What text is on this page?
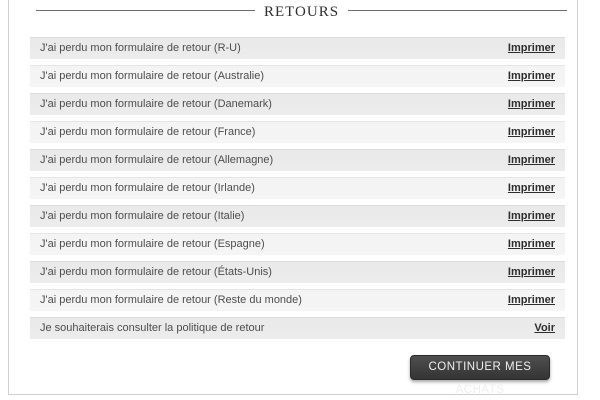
RETOURS
J'ai perdu mon formulaire de retour (R-U)	Imprimer
J'ai perdu mon formulaire de retour (Australie)	Imprimer
J'ai perdu mon formulaire de retour (Danemark)	Imprimer
J'ai perdu mon formulaire de retour (France)	Imprimer
J'ai perdu mon formulaire de retour (Allemagne)	Imprimer
J'ai perdu mon formulaire de retour (Irlande)	Imprimer
J'ai perdu mon formulaire de retour (Italie)	Imprimer
J'ai perdu mon formulaire de retour (Espagne)	Imprimer
J'ai perdu mon formulaire de retour (États-Unis)	Imprimer
J'ai perdu mon formulaire de retour (Reste du monde)	Imprimer
Je souhaiterais consulter la politique de retour	Voir
CONTINUER MES ACHATS
